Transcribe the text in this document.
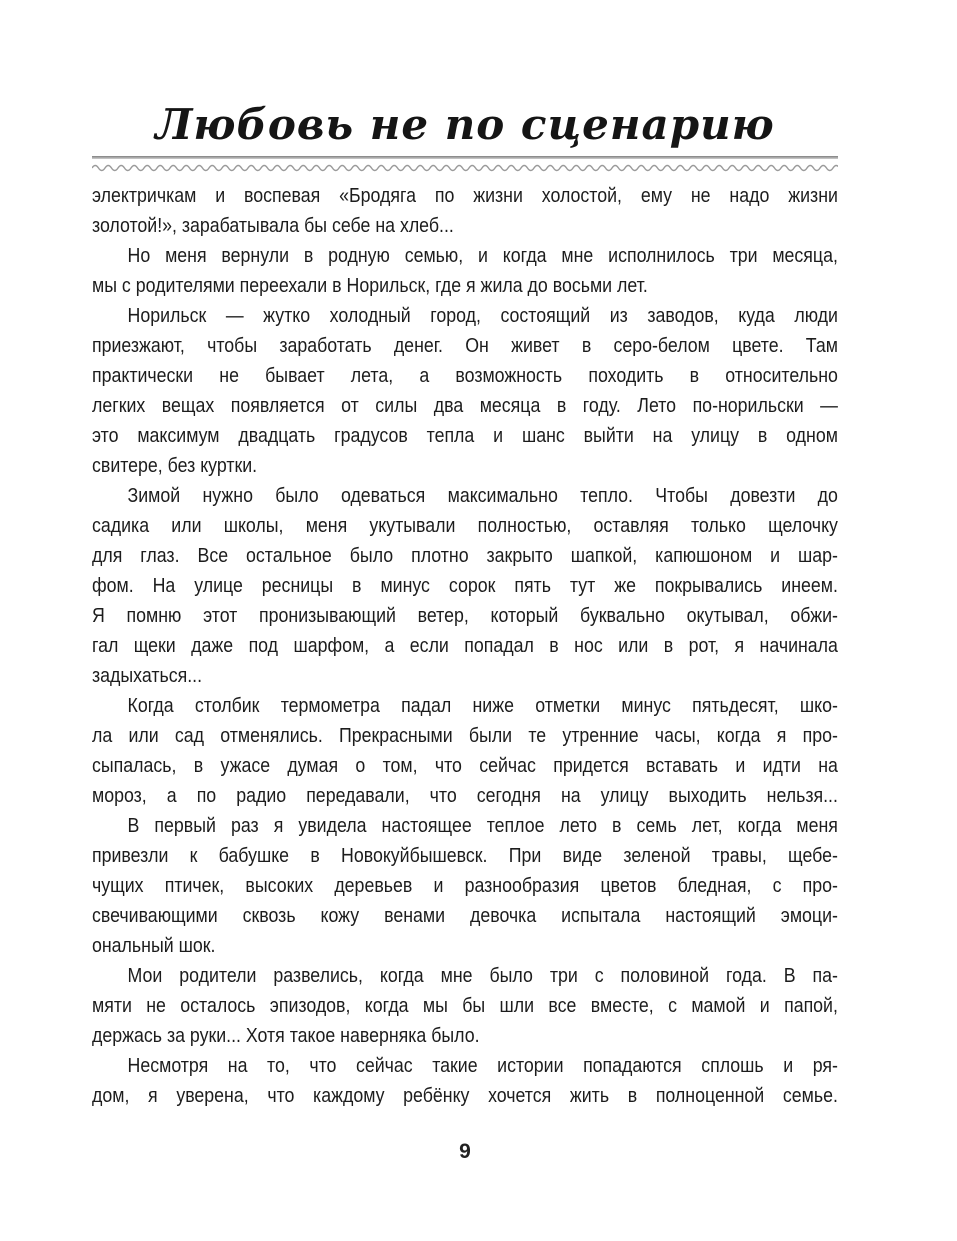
Любовь не по сценарию
электричкам и воспевая «Бродяга по жизни холостой, ему не надо жизни
золотой!», зарабатывала бы себе на хлеб...
Но меня вернули в родную семью, и когда мне исполнилось три месяца,
мы с родителями переехали в Норильск, где я жила до восьми лет.
Норильск — жутко холодный город, состоящий из заводов, куда люди
приезжают, чтобы заработать денег. Он живет в серо-белом цвете. Там
практически не бывает лета, а возможность походить в относительно
легких вещах появляется от силы два месяца в году. Лето по-норильски —
это максимум двадцать градусов тепла и шанс выйти на улицу в одном
свитере, без куртки.
Зимой нужно было одеваться максимально тепло. Чтобы довезти до
садика или школы, меня укутывали полностью, оставляя только щелочку
для глаз. Все остальное было плотно закрыто шапкой, капюшоном и шар-
фом. На улице ресницы в минус сорок пять тут же покрывались инеем.
Я помню этот пронизывающий ветер, который буквально окутывал, обжи-
гал щеки даже под шарфом, а если попадал в нос или в рот, я начинала
задыхаться...
Когда столбик термометра падал ниже отметки минус пятьдесят, шко-
ла или сад отменялись. Прекрасными были те утренние часы, когда я про-
сыпалась, в ужасе думая о том, что сейчас придется вставать и идти на
мороз, а по радио передавали, что сегодня на улицу выходить нельзя...
В первый раз я увидела настоящее теплое лето в семь лет, когда меня
привезли к бабушке в Новокуйбышевск. При виде зеленой травы, щебе-
чущих птичек, высоких деревьев и разнообразия цветов бледная, с про-
свечивающими сквозь кожу венами девочка испытала настоящий эмоци-
ональный шок.
Мои родители развелись, когда мне было три с половиной года. В па-
мяти не осталось эпизодов, когда мы бы шли все вместе, с мамой и папой,
держась за руки... Хотя такое наверняка было.
Несмотря на то, что сейчас такие истории попадаются сплошь и ря-
дом, я уверена, что каждому ребёнку хочется жить в полноценной семье.
9
